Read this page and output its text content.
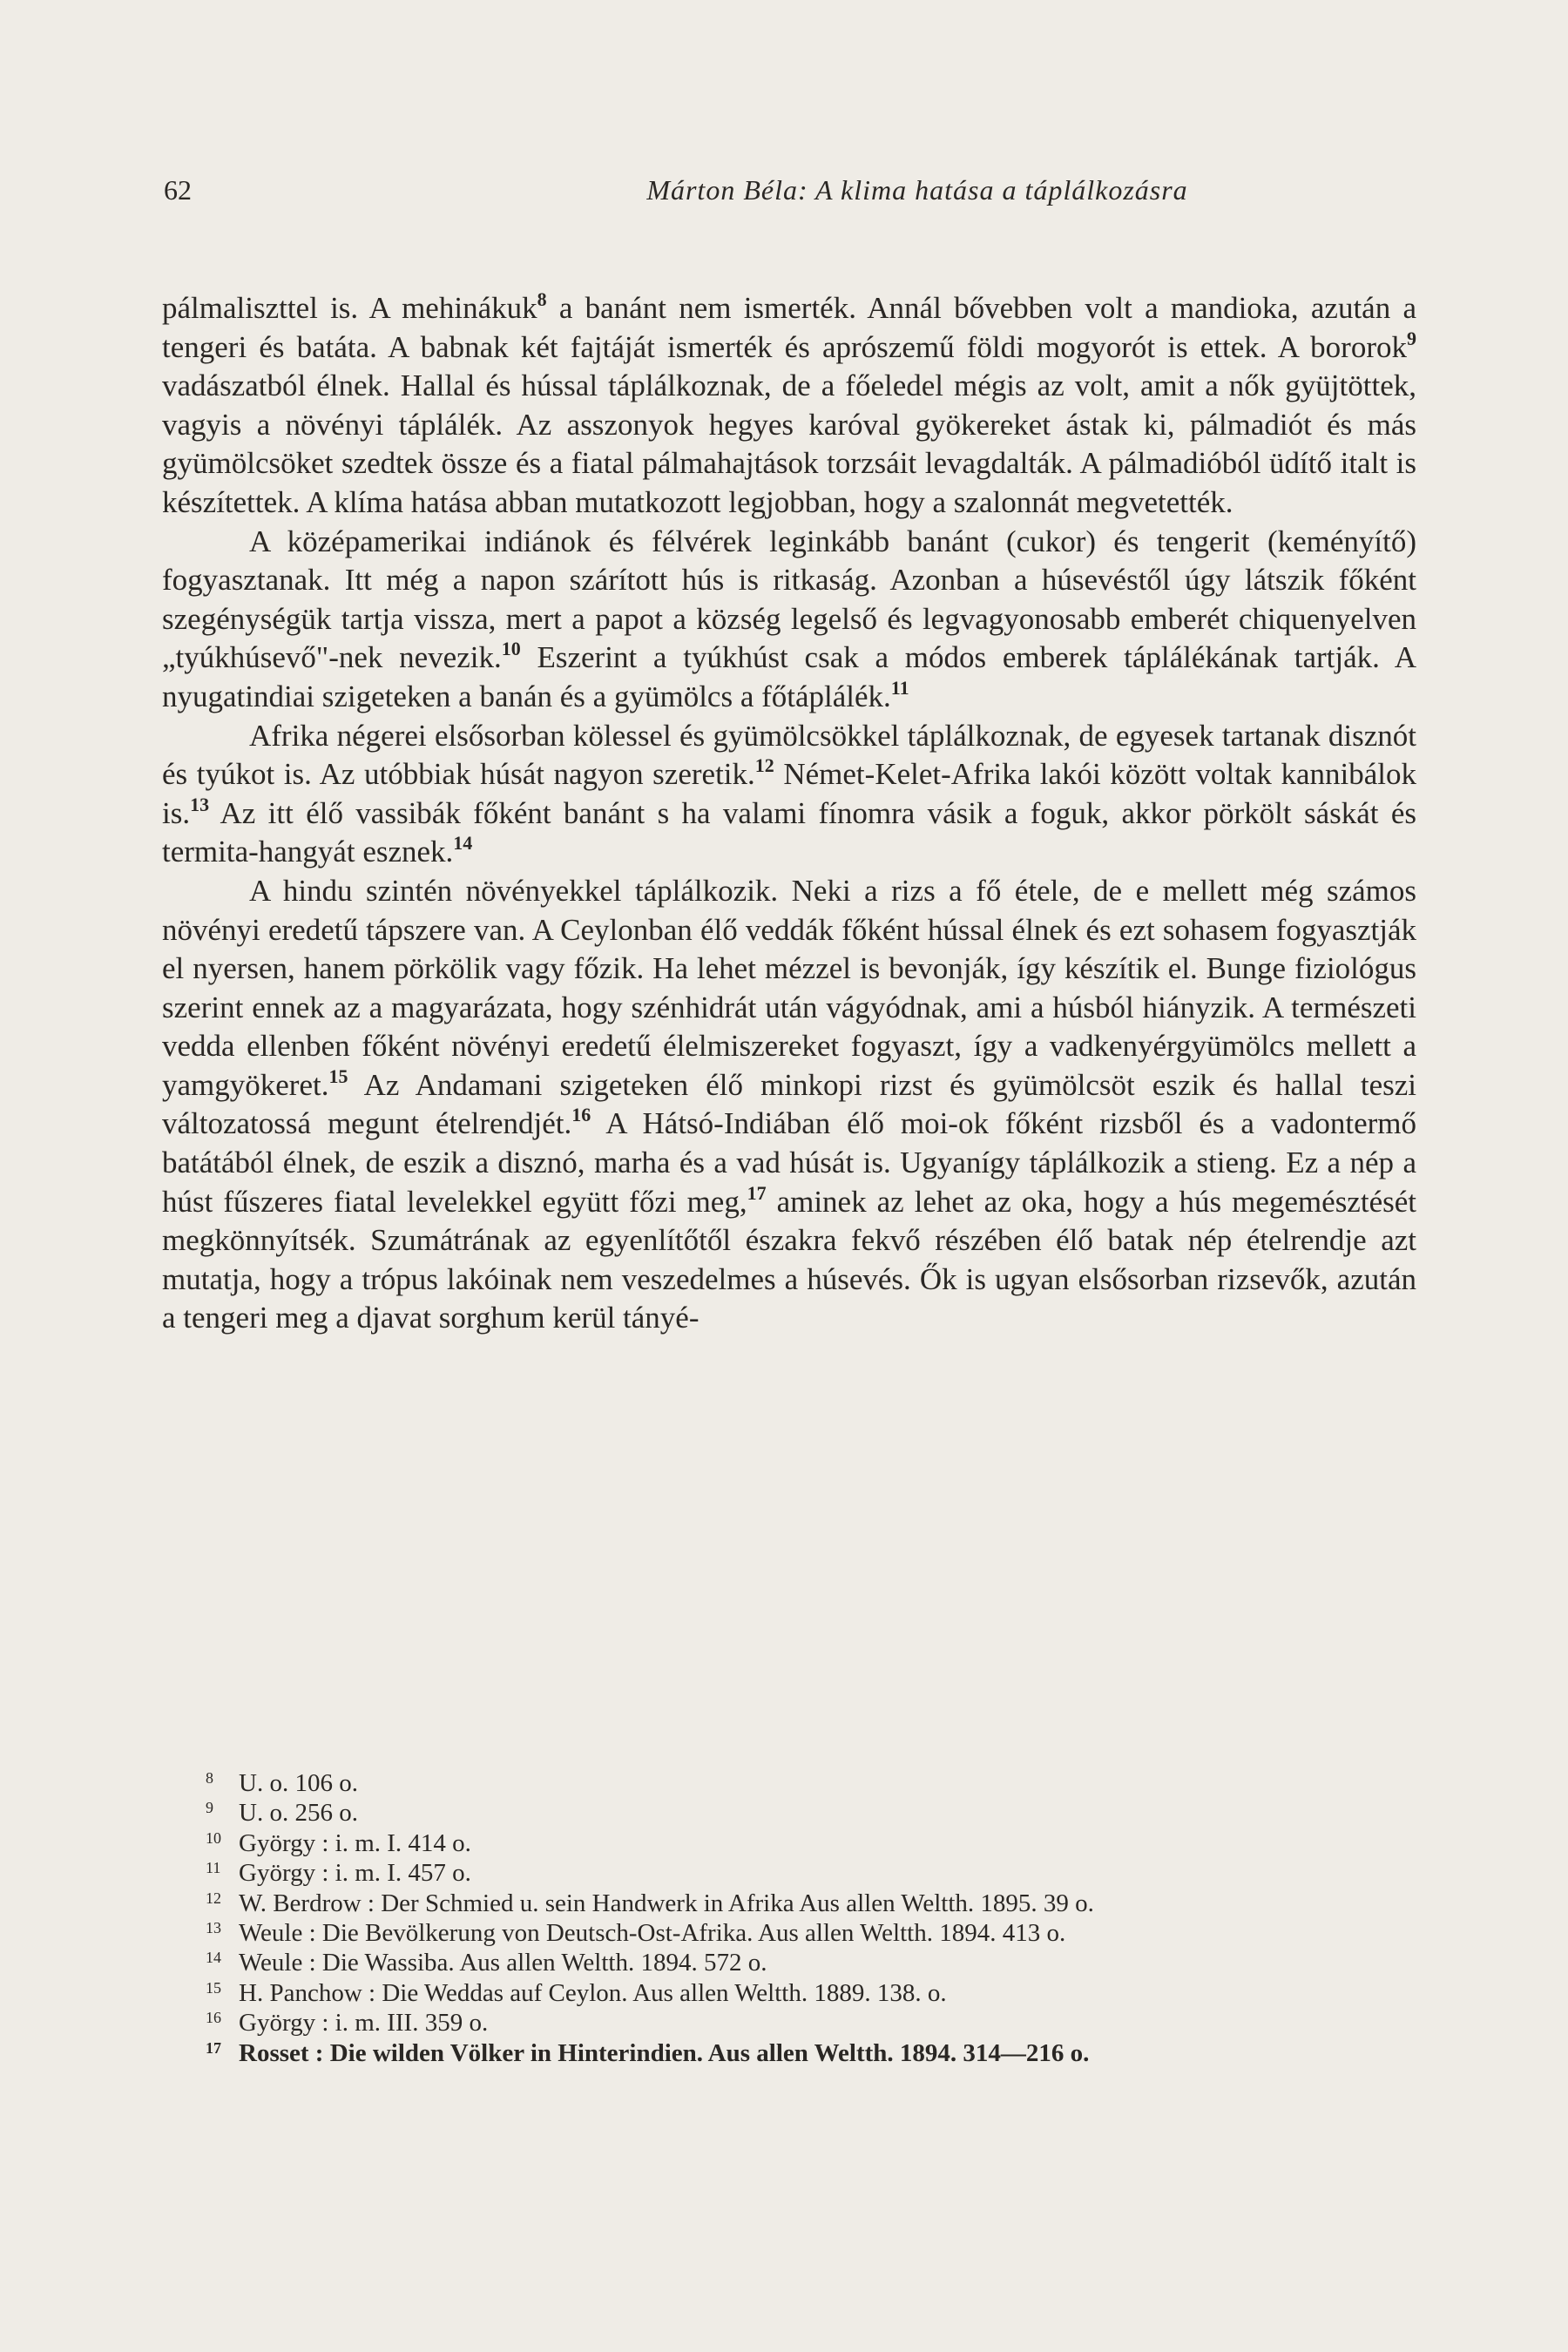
62	Márton Béla: A klima hatása a táplálkozásra

pálmaliszttel is. A mehinákuk$^8$ a banánt nem ismerték. Annál bővebben volt a mandioka, azután a tengeri és batáta. A babnak két fajtáját ismerték és aprószemű földi mogyorót is ettek. A bororok$^9$ vadászatból élnek. Hallal és hússal táplálkoznak, de a főeledel mégis az volt, amit a nők gyüjtöttek, vagyis a növényi táplálék. Az asszonyok hegyes karóval gyökereket ástak ki, pálmadiót és más gyümölcsöket szedtek össze és a fiatal pálmahajtások torzsáit levagdalták. A pálmadióból üdítő italt is készítettek. A klíma hatása abban mutatkozott legjobban, hogy a szalonnát megvetették.

A középamerikai indiánok és félvérek leginkább banánt (cukor) és tengerit (keményítő) fogyasztanak. Itt még a napon szárított hús is ritkaság. Azonban a húsevéstől úgy látszik főként szegénységük tartja vissza, mert a papot a község legelső és legvagyonosabb emberét chiquenyelven „tyúkhúsevő"-nek nevezik.$^{10}$ Eszerint a tyúkhúst csak a módos emberek táplálékának tartják. A nyugatindiai szigeteken a banán és a gyümölcs a főtáplálék.$^{11}$

Afrika négerei elsősorban kölessel és gyümölcsökkel táplálkoznak, de egyesek tartanak disznót és tyúkot is. Az utóbbiak húsát nagyon szeretik.$^{12}$ Német-Kelet-Afrika lakói között voltak kannibálok is.$^{13}$ Az itt élő vassibák főként banánt s ha valami fínomra vásik a foguk, akkor pörkölt sáskát és termita-hangyát esznek.$^{14}$

A hindu szintén növényekkel táplálkozik. Neki a rizs a fő étele, de e mellett még számos növényi eredetű tápszere van. A Ceylonban élő veddák főként hússal élnek és ezt sohasem fogyasztják el nyersen, hanem pörkölik vagy főzik. Ha lehet mézzel is bevonják, így készítik el. Bunge fiziológus szerint ennek az a magyarázata, hogy szénhidrát után vágyódnak, ami a húsból hiányzik. A természeti vedda ellenben főként növényi eredetű élelmiszereket fogyaszt, így a vadkenyérgyümölcs mellett a yamgyökeret.$^{15}$ Az Andamani szigeteken élő minkopi rizst és gyümölcsöt eszik és hallal teszi változatossá megunt ételrendjét.$^{16}$ A Hátsó-Indiában élő moi-ok főként rizsből és a vadontermő batátából élnek, de eszik a disznó, marha és a vad húsát is. Ugyanígy táplálkozik a stieng. Ez a nép a húst fűszeres fiatal levelekkel együtt főzi meg,$^{17}$ aminek az lehet az oka, hogy a hús megemésztését megkönnyítsék. Szumátrának az egyenlítőtől északra fekvő részében élő batak nép ételrendje azt mutatja, hogy a trópus lakóinak nem veszedelmes a húsevés. Ők is ugyan elsősorban rizsevők, azután a tengeri meg a djavat sorghum kerül tányé-

8 U. o. 106 o.

9 U. o. 256 o.

10 György : i. m. I. 414 o.

11 György : i. m. I. 457 o.

12 W. Berdrow : Der Schmied u. sein Handwerk in Afrika Aus allen Weltth. 1895. 39 o.

13 Weule : Die Bevölkerung von Deutsch-Ost-Afrika. Aus allen Weltth. 1894. 413 o.

14 Weule : Die Wassiba. Aus allen Weltth. 1894. 572 o.

15 H. Panchow : Die Weddas auf Ceylon. Aus allen Weltth. 1889. 138. o.

16 György : i. m. III. 359 o.

17 Rosset : Die wilden Völker in Hinterindien. Aus allen Weltth. 1894. 314—216 o.
